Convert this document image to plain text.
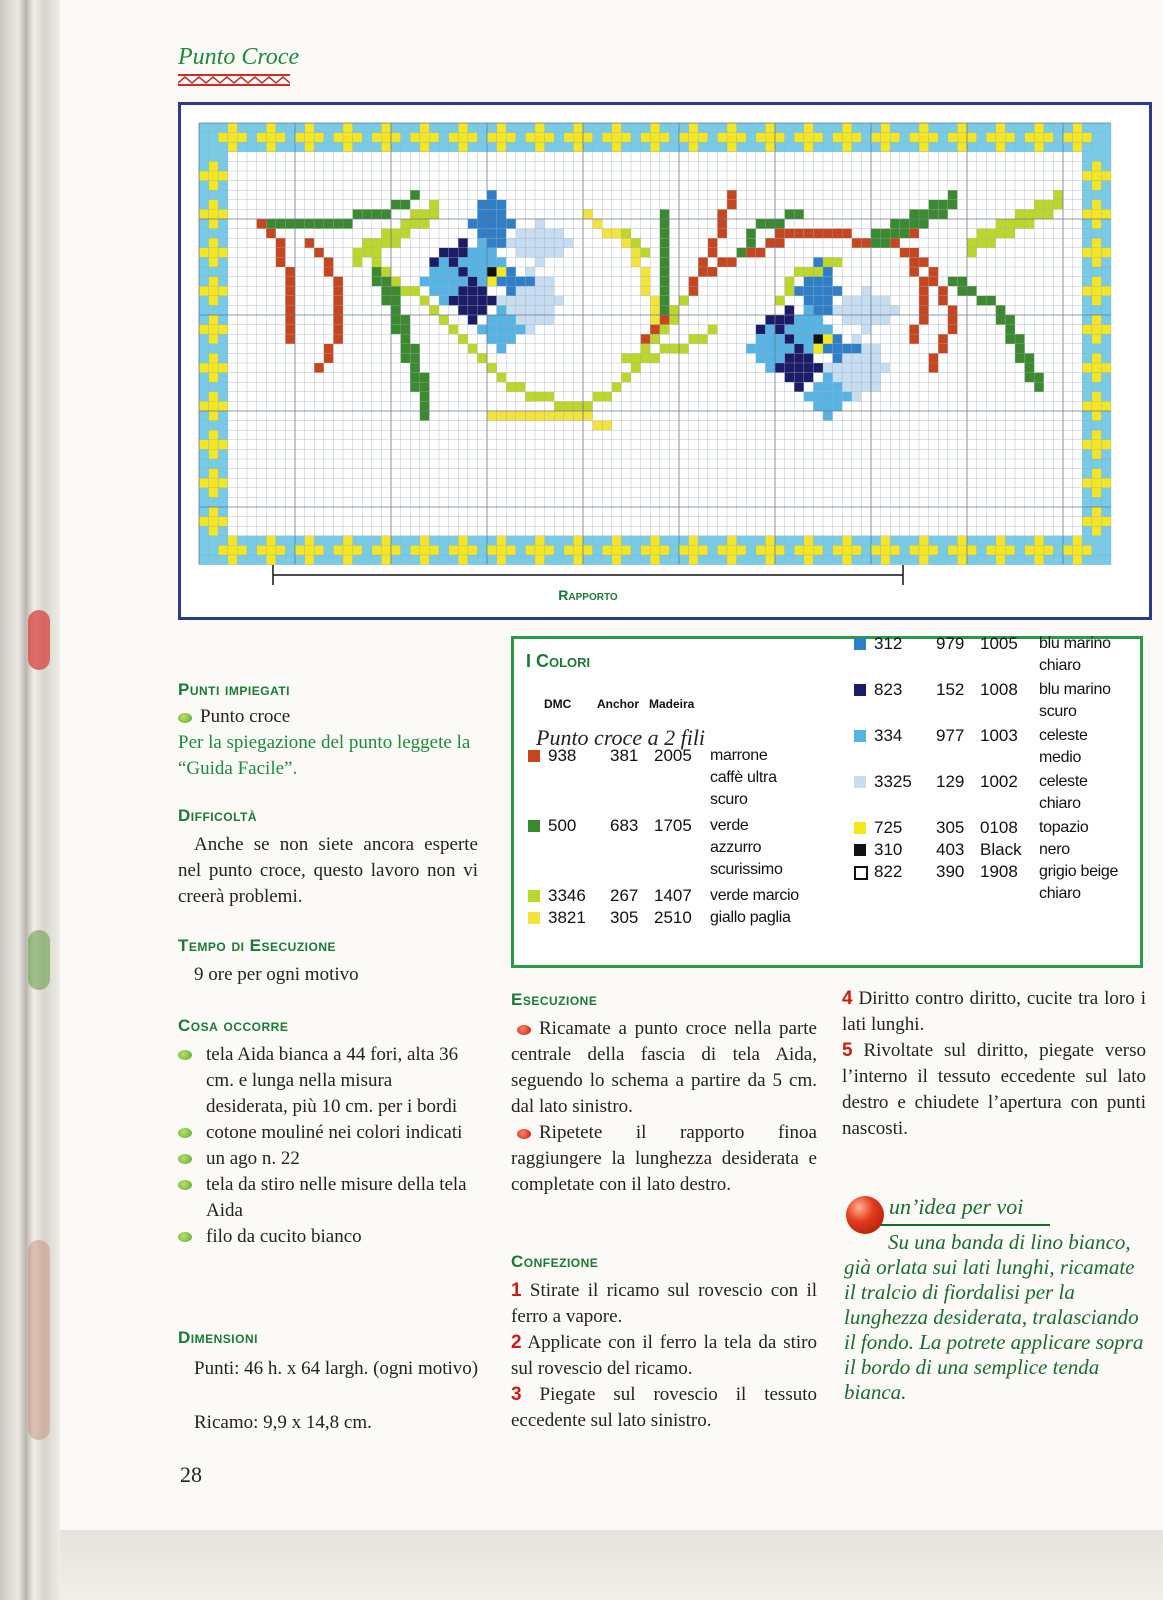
Punto Croce
Rapporto
Punti impiegati
Punto croce
Per la spiegazione del punto leggete la “Guida Facile”.
Difficoltà
Anche se non siete ancora esperte nel punto croce, questo lavoro non vi creerà problemi.
Tempo di Esecuzione
9 ore per ogni motivo
Cosa occorre
tela Aida bianca a 44 fori, alta 36 cm. e lunga nella misura desiderata, più 10 cm. per i bordi
cotone mouliné nei colori indicati
un ago n. 22
tela da stiro nelle misure della tela Aida
filo da cucito bianco
Dimensioni
Punti: 46 h. x 64 largh. (ogni motivo)
Ricamo: 9,9 x 14,8 cm.
28
I Colori
DMC Anchor Madeira
Punto croce a 2 fili
938 381 2005 marrone caffè ultra scuro
500 683 1705 verde azzurro scurissimo
3346 267 1407 verde marcio
3821 305 2510 giallo paglia
312 979 1005 blu marino chiaro
823 152 1008 blu marino scuro
334 977 1003 celeste medio
3325 129 1002 celeste chiaro
725 305 0108 topazio
310 403 Black nero
822 390 1908 grigio beige chiaro
Esecuzione
Ricamate a punto croce nella parte centrale della fascia di tela Aida, seguendo lo schema a partire da 5 cm. dal lato sinistro.
Ripetete il rapporto finoa raggiungere la lunghezza desiderata e completate con il lato destro.
Confezione
1 Stirate il ricamo sul rovescio con il ferro a vapore.
2 Applicate con il ferro la tela da stiro sul rovescio del ricamo.
3 Piegate sul rovescio il tessuto eccedente sul lato sinistro.
4 Diritto contro diritto, cucite tra loro i lati lunghi.
5 Rivoltate sul diritto, piegate verso l’interno il tessuto eccedente sul lato destro e chiudete l’apertura con punti nascosti.
un’idea per voi
Su una banda di lino bianco, già orlata sui lati lunghi, ricamate il tralcio di fiordalisi per la lunghezza desiderata, tralasciando il fondo. La potrete applicare sopra il bordo di una semplice tenda bianca.
